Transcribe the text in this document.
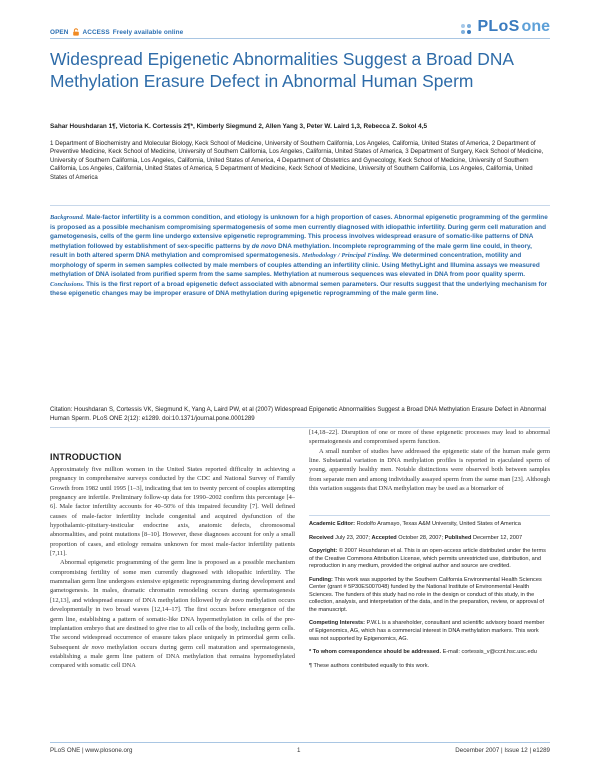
OPEN ACCESS Freely available online	PLoS one
Widespread Epigenetic Abnormalities Suggest a Broad DNA Methylation Erasure Defect in Abnormal Human Sperm
Sahar Houshdaran 1¶, Victoria K. Cortessis 2¶*, Kimberly Siegmund 2, Allen Yang 3, Peter W. Laird 1,3, Rebecca Z. Sokol 4,5
1 Department of Biochemistry and Molecular Biology, Keck School of Medicine, University of Southern California, Los Angeles, California, United States of America, 2 Department of Preventive Medicine, Keck School of Medicine, University of Southern California, Los Angeles, California, United States of America, 3 Department of Surgery, Keck School of Medicine, University of Southern California, Los Angeles, California, United States of America, 4 Department of Obstetrics and Gynecology, Keck School of Medicine, University of Southern California, Los Angeles, California, United States of America, 5 Department of Medicine, Keck School of Medicine, University of Southern California, Los Angeles, California, United States of America
Background. Male-factor infertility is a common condition, and etiology is unknown for a high proportion of cases. Abnormal epigenetic programming of the germline is proposed as a possible mechanism compromising spermatogenesis of some men currently diagnosed with idiopathic infertility. During germ cell maturation and gametogenesis, cells of the germ line undergo extensive epigenetic reprogramming. This process involves widespread erasure of somatic-like patterns of DNA methylation followed by establishment of sex-specific patterns by de novo DNA methylation. Incomplete reprogramming of the male germ line could, in theory, result in both altered sperm DNA methylation and compromised spermatogenesis. Methodology / Principal Finding. We determined concentration, motility and morphology of sperm in semen samples collected by male members of couples attending an infertility clinic. Using MethyLight and Illumina assays we measured methylation of DNA isolated from purified sperm from the same samples. Methylation at numerous sequences was elevated in DNA from poor quality sperm. Conclusions. This is the first report of a broad epigenetic defect associated with abnormal semen parameters. Our results suggest that the underlying mechanism for these epigenetic changes may be improper erasure of DNA methylation during epigenetic reprogramming of the male germ line.
Citation: Houshdaran S, Cortessis VK, Siegmund K, Yang A, Laird PW, et al (2007) Widespread Epigenetic Abnormalities Suggest a Broad DNA Methylation Erasure Defect in Abnormal Human Sperm. PLoS ONE 2(12): e1289. doi:10.1371/journal.pone.0001289
INTRODUCTION

Approximately five million women in the United States reported difficulty in achieving a pregnancy in comprehensive surveys conducted by the CDC and National Survey of Family Growth from 1982 until 1995 [1–3], indicating that ten to twenty percent of couples attempting pregnancy are infertile. Preliminary follow-up data for 1990–2002 confirm this percentage [4–6]. Male factor infertility accounts for 40–50% of this impaired fecundity [7]. Well defined causes of male-factor infertility include congenital and acquired dysfunction of the hypothalamic-pituitary-testicular endocrine axis, anatomic defects, chromosomal abnormalities, and point mutations [8–10]. However, these diagnoses account for only a small proportion of cases, and etiology remains unknown for most male-factor infertility patients [7,11].

Abnormal epigenetic programming of the germ line is proposed as a possible mechanism compromising fertility of some men currently diagnosed with idiopathic infertility. The mammalian germ line undergoes extensive epigenetic reprogramming during development and gametogenesis. In males, dramatic chromatin remodeling occurs during spermatogenesis [12,13], and widespread erasure of DNA methylation followed by de novo methylation occurs developmentally in two broad waves [12,14–17]. The first occurs before emergence of the germ line, establishing a pattern of somatic-like DNA hypermethylation in cells of the pre-implantation embryo that are destined to give rise to all cells of the body, including germ cells. The second widespread occurrence of erasure takes place uniquely in primordial germ cells. Subsequent de novo methylation occurs during germ cell maturation and spermatogenesis, establishing a male germ line pattern of DNA methylation that remains hypomethylated compared with somatic cell DNA

[14,18–22]. Disruption of one or more of these epigenetic processes may lead to abnormal spermatogenesis and compromised sperm function.

A small number of studies have addressed the epigenetic state of the human male germ line. Substantial variation in DNA methylation profiles is reported in ejaculated sperm of young, apparently healthy men. Notable distinctions were observed both between samples from separate men and among individually assayed sperm from the same man [23]. Although this variation suggests that DNA methylation may be used as a biomarker of

Academic Editor: Rodolfo Aramayo, Texas A&M University, United States of America

Received July 23, 2007; Accepted October 28, 2007; Published December 12, 2007

Copyright: © 2007 Houshdaran et al. This is an open-access article distributed under the terms of the Creative Commons Attribution License, which permits unrestricted use, distribution, and reproduction in any medium, provided the original author and source are credited.

Funding: This work was supported by the Southern California Environmental Health Sciences Center (grant # 5P30ES007048) funded by the National Institute of Environmental Health Sciences. The funders of this study had no role in the design or conduct of this study, in the collection, analysis, and interpretation of the data, and in the preparation, review, or approval of the manuscript.

Competing Interests: P.W.L is a shareholder, consultant and scientific advisory board member of Epigenomics, AG, which has a commercial interest in DNA methylation markers. This work was not supported by Epigenomics, AG.

* To whom correspondence should be addressed. E-mail: cortessis_v@ccnt.hsc.usc.edu

¶ These authors contributed equally to this work.

PLoS ONE | www.plosone.org	1	December 2007 | Issue 12 | e1289
